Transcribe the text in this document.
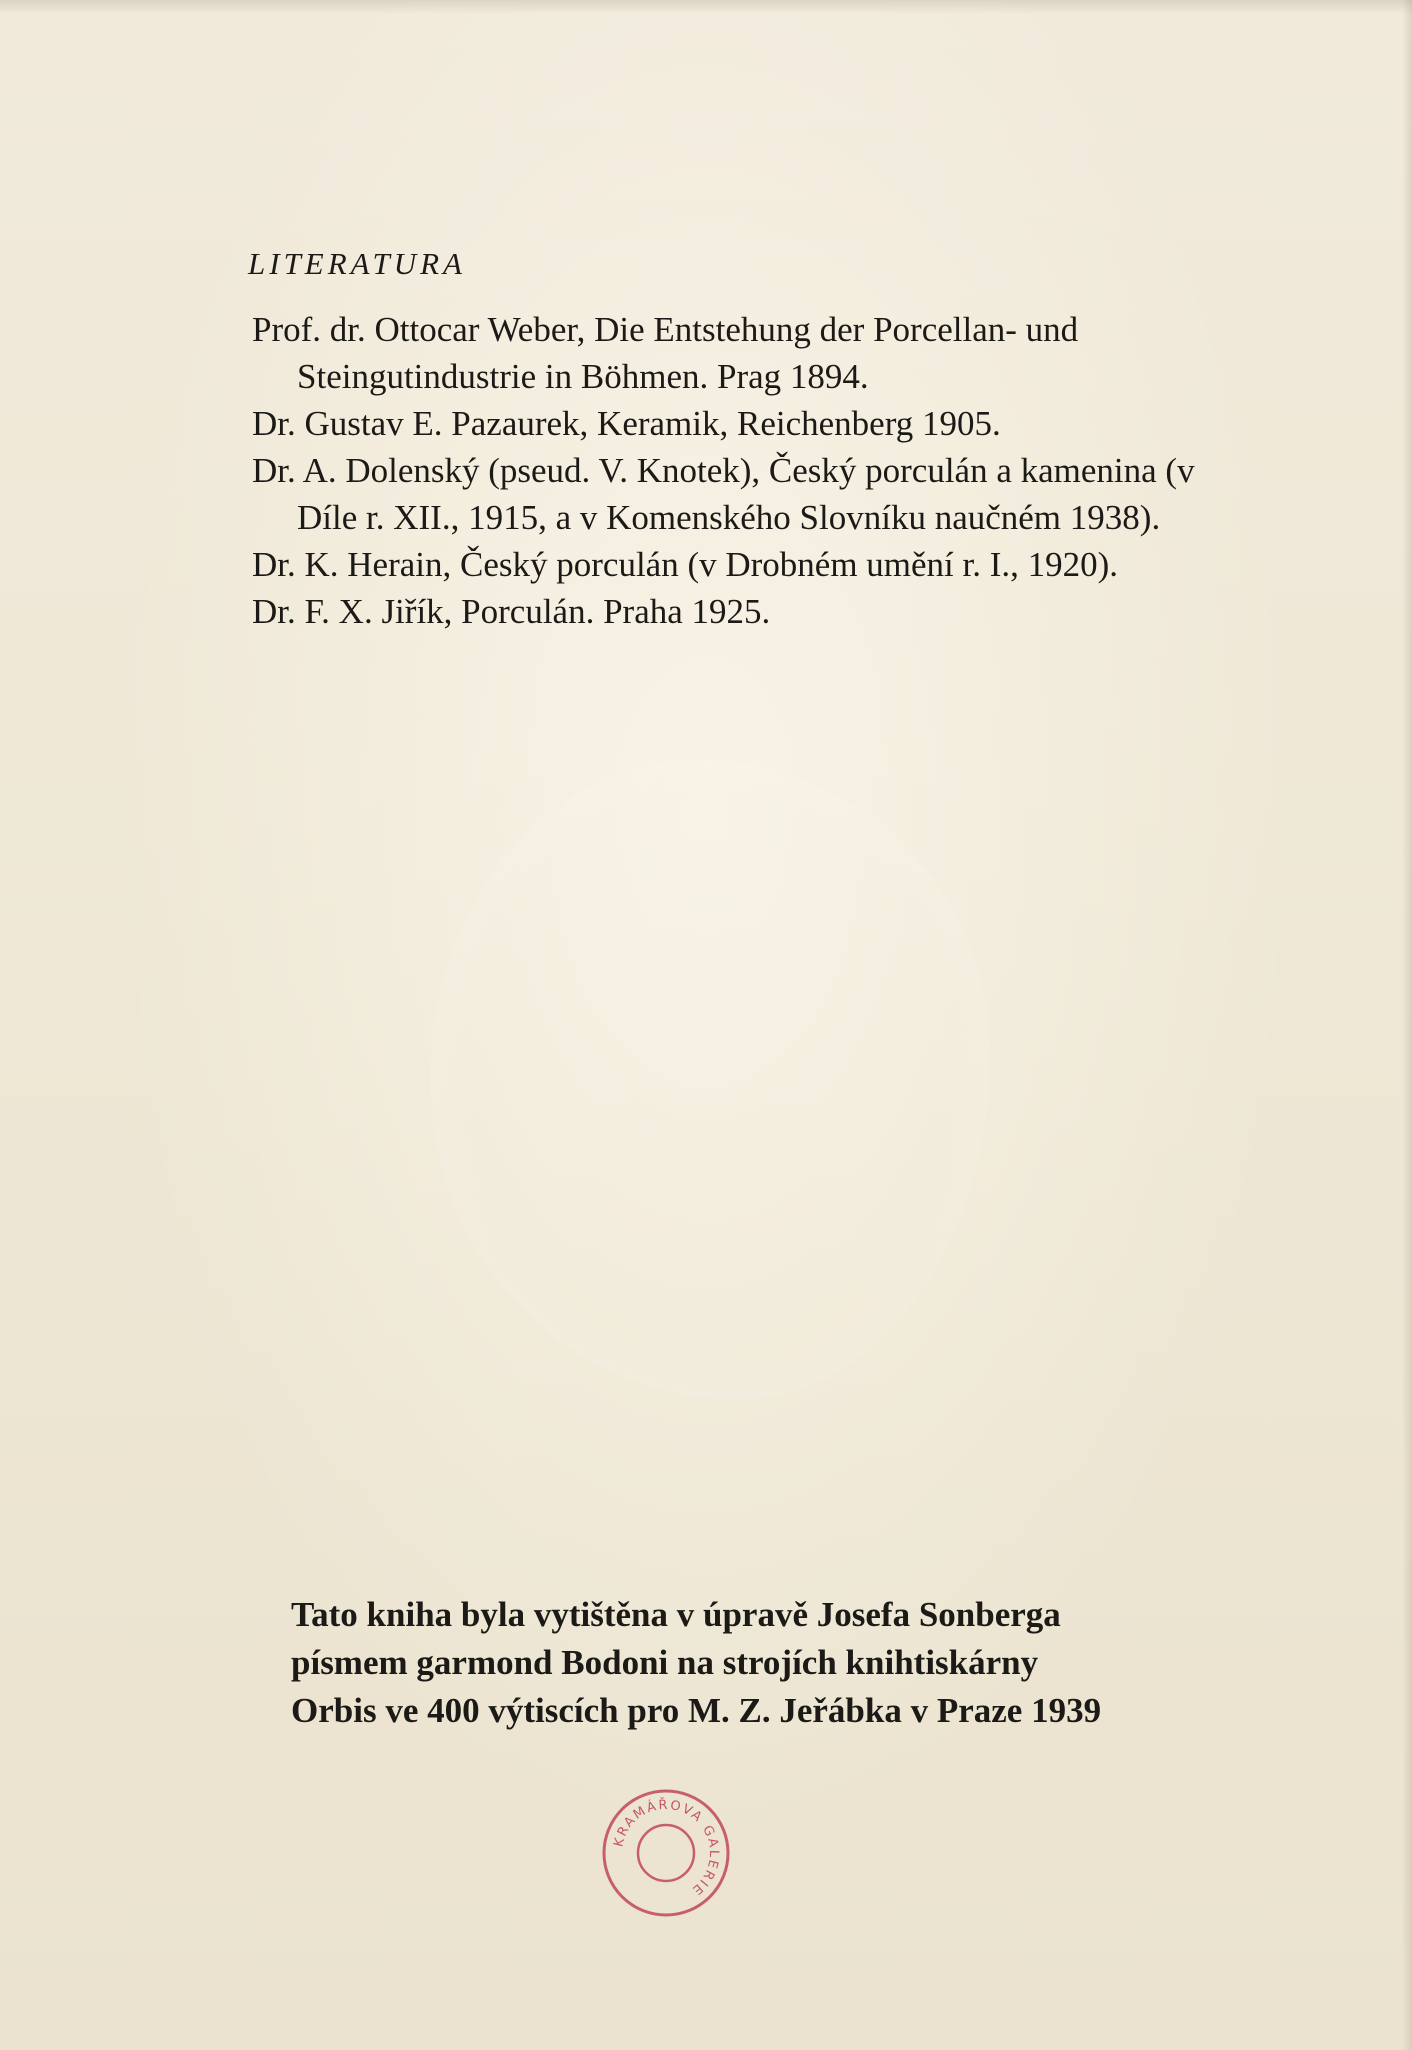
LITERATURA
Prof. dr. Ottocar Weber, Die Entstehung der Porcellan- und Steingutindustrie in Böhmen. Prag 1894.
Dr. Gustav E. Pazaurek, Keramik, Reichenberg 1905.
Dr. A. Dolenský (pseud. V. Knotek), Český porculán a kamenina (v Díle r. XII., 1915, a v Komenského Slovníku naučném 1938).
Dr. K. Herain, Český porculán (v Drobném umění r. I., 1920).
Dr. F. X. Jiřík, Porculán. Praha 1925.

Tato kniha byla vytištěna v úpravě Josefa Sonberga
písmem garmond Bodoni na strojích knihtiskárny
Orbis ve 400 výtiscích pro M. Z. Jeřábka v Praze 1939

KRAMÁŘOVA GALERIE
